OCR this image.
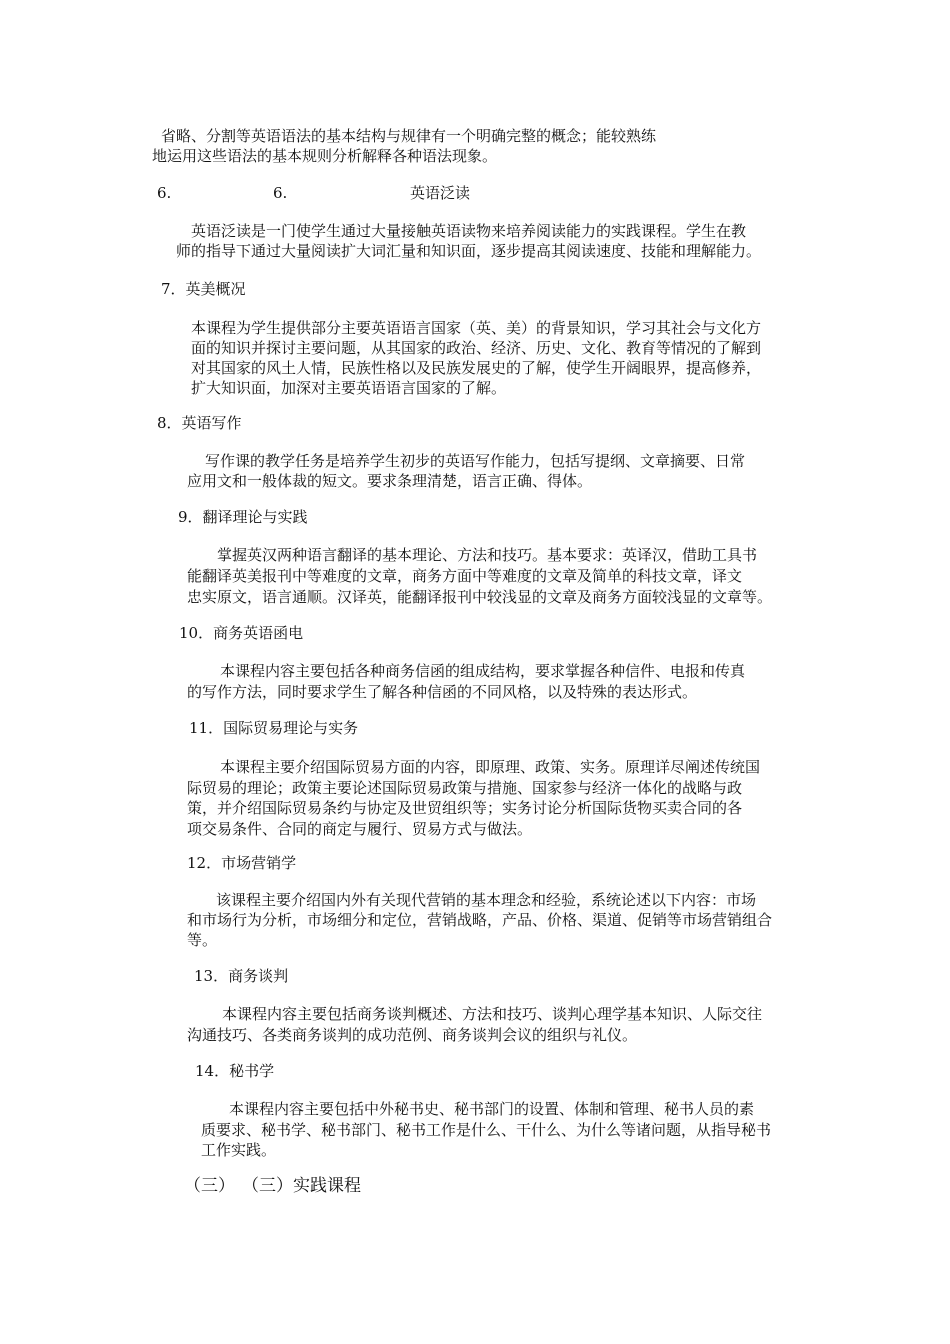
省略、分割等英语语法的基本结构与规律有一个明确完整的概念；能较熟练

地运用这些语法的基本规则分析解释各种语法现象。

6.	6.	英语泛读

英语泛读是一门使学生通过大量接触英语读物来培养阅读能力的实践课程。学生在教

师的指导下通过大量阅读扩大词汇量和知识面，逐步提高其阅读速度、技能和理解能力。

7．英美概况

本课程为学生提供部分主要英语语言国家（英、美）的背景知识，学习其社会与文化方

面的知识并探讨主要问题，从其国家的政治、经济、历史、文化、教育等情况的了解到

对其国家的风土人情，民族性格以及民族发展史的了解，使学生开阔眼界，提高修养，

扩大知识面，加深对主要英语语言国家的了解。

8．英语写作

写作课的教学任务是培养学生初步的英语写作能力，包括写提纲、文章摘要、日常

应用文和一般体裁的短文。要求条理清楚，语言正确、得体。

9．翻译理论与实践

掌握英汉两种语言翻译的基本理论、方法和技巧。基本要求：英译汉，借助工具书

能翻译英美报刊中等难度的文章，商务方面中等难度的文章及简单的科技文章，译文

忠实原文，语言通顺。汉译英，能翻译报刊中较浅显的文章及商务方面较浅显的文章等。

10．商务英语函电

本课程内容主要包括各种商务信函的组成结构，要求掌握各种信件、电报和传真

的写作方法，同时要求学生了解各种信函的不同风格，以及特殊的表达形式。

11．国际贸易理论与实务

本课程主要介绍国际贸易方面的内容，即原理、政策、实务。原理详尽阐述传统国

际贸易的理论；政策主要论述国际贸易政策与措施、国家参与经济一体化的战略与政

策，并介绍国际贸易条约与协定及世贸组织等；实务讨论分析国际货物买卖合同的各

项交易条件、合同的商定与履行、贸易方式与做法。

12．市场营销学

该课程主要介绍国内外有关现代营销的基本理念和经验，系统论述以下内容：市场

和市场行为分析，市场细分和定位，营销战略，产品、价格、渠道、促销等市场营销组合

等。

13．商务谈判

本课程内容主要包括商务谈判概述、方法和技巧、谈判心理学基本知识、人际交往

沟通技巧、各类商务谈判的成功范例、商务谈判会议的组织与礼仪。

14．秘书学

本课程内容主要包括中外秘书史、秘书部门的设置、体制和管理、秘书人员的素

质要求、秘书学、秘书部门、秘书工作是什么、干什么、为什么等诸问题，从指导秘书

工作实践。

（三） （三）实践课程
